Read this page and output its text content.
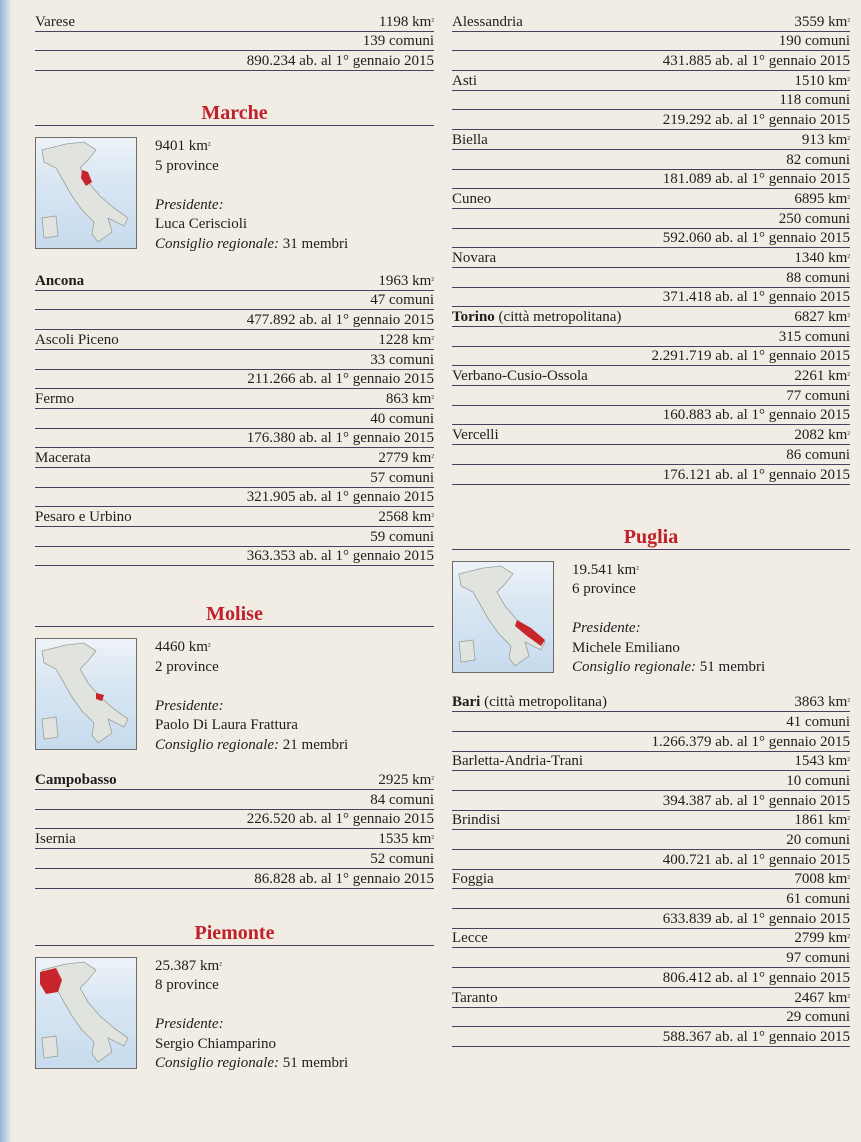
Varese	1198 $km^{^2}$
139 comuni
890.234 ab. al 1° gennaio 2015
Marche
9401 $km^{^2}$
5 province
Presidente:
Luca Ceriscioli
Consiglio regionale: 31 membri
Ancona	1963 $km^{^2}$
47 comuni
477.892 ab. al 1° gennaio 2015
Ascoli Piceno	1228 $km^{^2}$
33 comuni
211.266 ab. al 1° gennaio 2015
Fermo	863 $km^{^2}$
40 comuni
176.380 ab. al 1° gennaio 2015
Macerata	2779 $km^{^2}$
57 comuni
321.905 ab. al 1° gennaio 2015
Pesaro e Urbino	2568 $km^{^2}$
59 comuni
363.353 ab. al 1° gennaio 2015
Molise
4460 $km^{^2}$
2 province
Presidente:
Paolo Di Laura Frattura
Consiglio regionale: 21 membri
Campobasso	2925 $km^{^2}$
84 comuni
226.520 ab. al 1° gennaio 2015
Isernia	1535 $km^{^2}$
52 comuni
86.828 ab. al 1° gennaio 2015
Piemonte
25.387 $km^{^2}$
8 province
Presidente:
Sergio Chiamparino
Consiglio regionale: 51 membri
Alessandria	3559 $km^{^2}$
190 comuni
431.885 ab. al 1° gennaio 2015
Asti	1510 $km^{^2}$
118 comuni
219.292 ab. al 1° gennaio 2015
Biella	913 $km^{^2}$
82 comuni
181.089 ab. al 1° gennaio 2015
Cuneo	6895 $km^{^2}$
250 comuni
592.060 ab. al 1° gennaio 2015
Novara	1340 $km^{^2}$
88 comuni
371.418 ab. al 1° gennaio 2015
Torino (città metropolitana)	6827 $km^{^2}$
315 comuni
2.291.719 ab. al 1° gennaio 2015
Verbano-Cusio-Ossola	2261 $km^{^2}$
77 comuni
160.883 ab. al 1° gennaio 2015
Vercelli	2082 $km^{^2}$
86 comuni
176.121 ab. al 1° gennaio 2015
Puglia
19.541 $km^{^2}$
6 province
Presidente:
Michele Emiliano
Consiglio regionale: 51 membri
Bari (città metropolitana)	3863 $km^{^2}$
41 comuni
1.266.379 ab. al 1° gennaio 2015
Barletta-Andria-Trani	1543 $km^{^2}$
10 comuni
394.387 ab. al 1° gennaio 2015
Brindisi	1861 $km^{^2}$
20 comuni
400.721 ab. al 1° gennaio 2015
Foggia	7008 $km^{^2}$
61 comuni
633.839 ab. al 1° gennaio 2015
Lecce	2799 $km^{^2}$
97 comuni
806.412 ab. al 1° gennaio 2015
Taranto	2467 $km^{^2}$
29 comuni
588.367 ab. al 1° gennaio 2015
